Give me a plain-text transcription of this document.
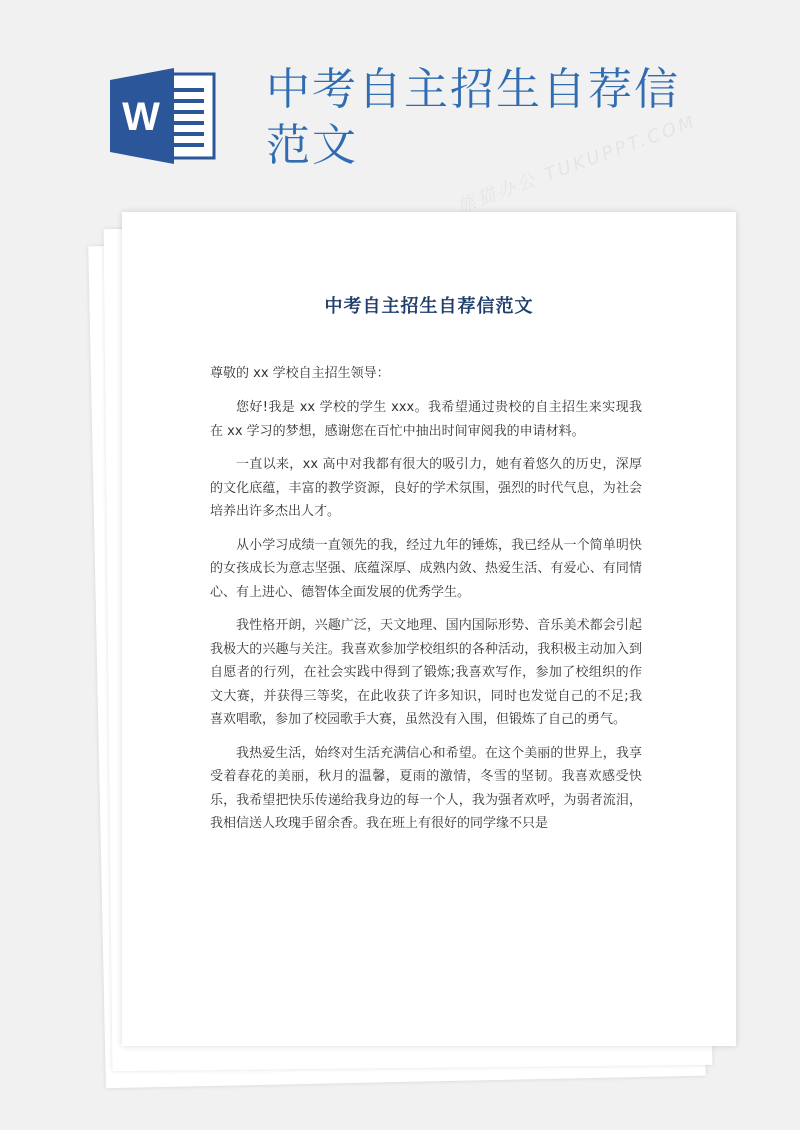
W
中考自主招生自荐信范文	熊猫办公 TUKUPPT.COM
中考自主招生自荐信范文

尊敬的 xx 学校自主招生领导：

您好!我是 xx 学校的学生 xxx。我希望通过贵校的自主招生来实现我在 xx 学习的梦想，感谢您在百忙中抽出时间审阅我的申请材料。

一直以来，xx 高中对我都有很大的吸引力，她有着悠久的历史，深厚的文化底蕴，丰富的教学资源，良好的学术氛围，强烈的时代气息，为社会培养出许多杰出人才。

从小学习成绩一直领先的我，经过九年的锤炼，我已经从一个简单明快的女孩成长为意志坚强、底蕴深厚、成熟内敛、热爱生活、有爱心、有同情心、有上进心、德智体全面发展的优秀学生。

我性格开朗，兴趣广泛，天文地理、国内国际形势、音乐美术都会引起我极大的兴趣与关注。我喜欢参加学校组织的各种活动，我积极主动加入到自愿者的行列，在社会实践中得到了锻炼;我喜欢写作，参加了校组织的作文大赛，并获得三等奖，在此收获了许多知识，同时也发觉自己的不足;我喜欢唱歌，参加了校园歌手大赛，虽然没有入围，但锻炼了自己的勇气。

我热爱生活，始终对生活充满信心和希望。在这个美丽的世界上，我享受着春花的美丽，秋月的温馨，夏雨的激情，冬雪的坚韧。我喜欢感受快乐，我希望把快乐传递给我身边的每一个人，我为强者欢呼，为弱者流泪，我相信送人玫瑰手留余香。我在班上有很好的同学缘不只是
